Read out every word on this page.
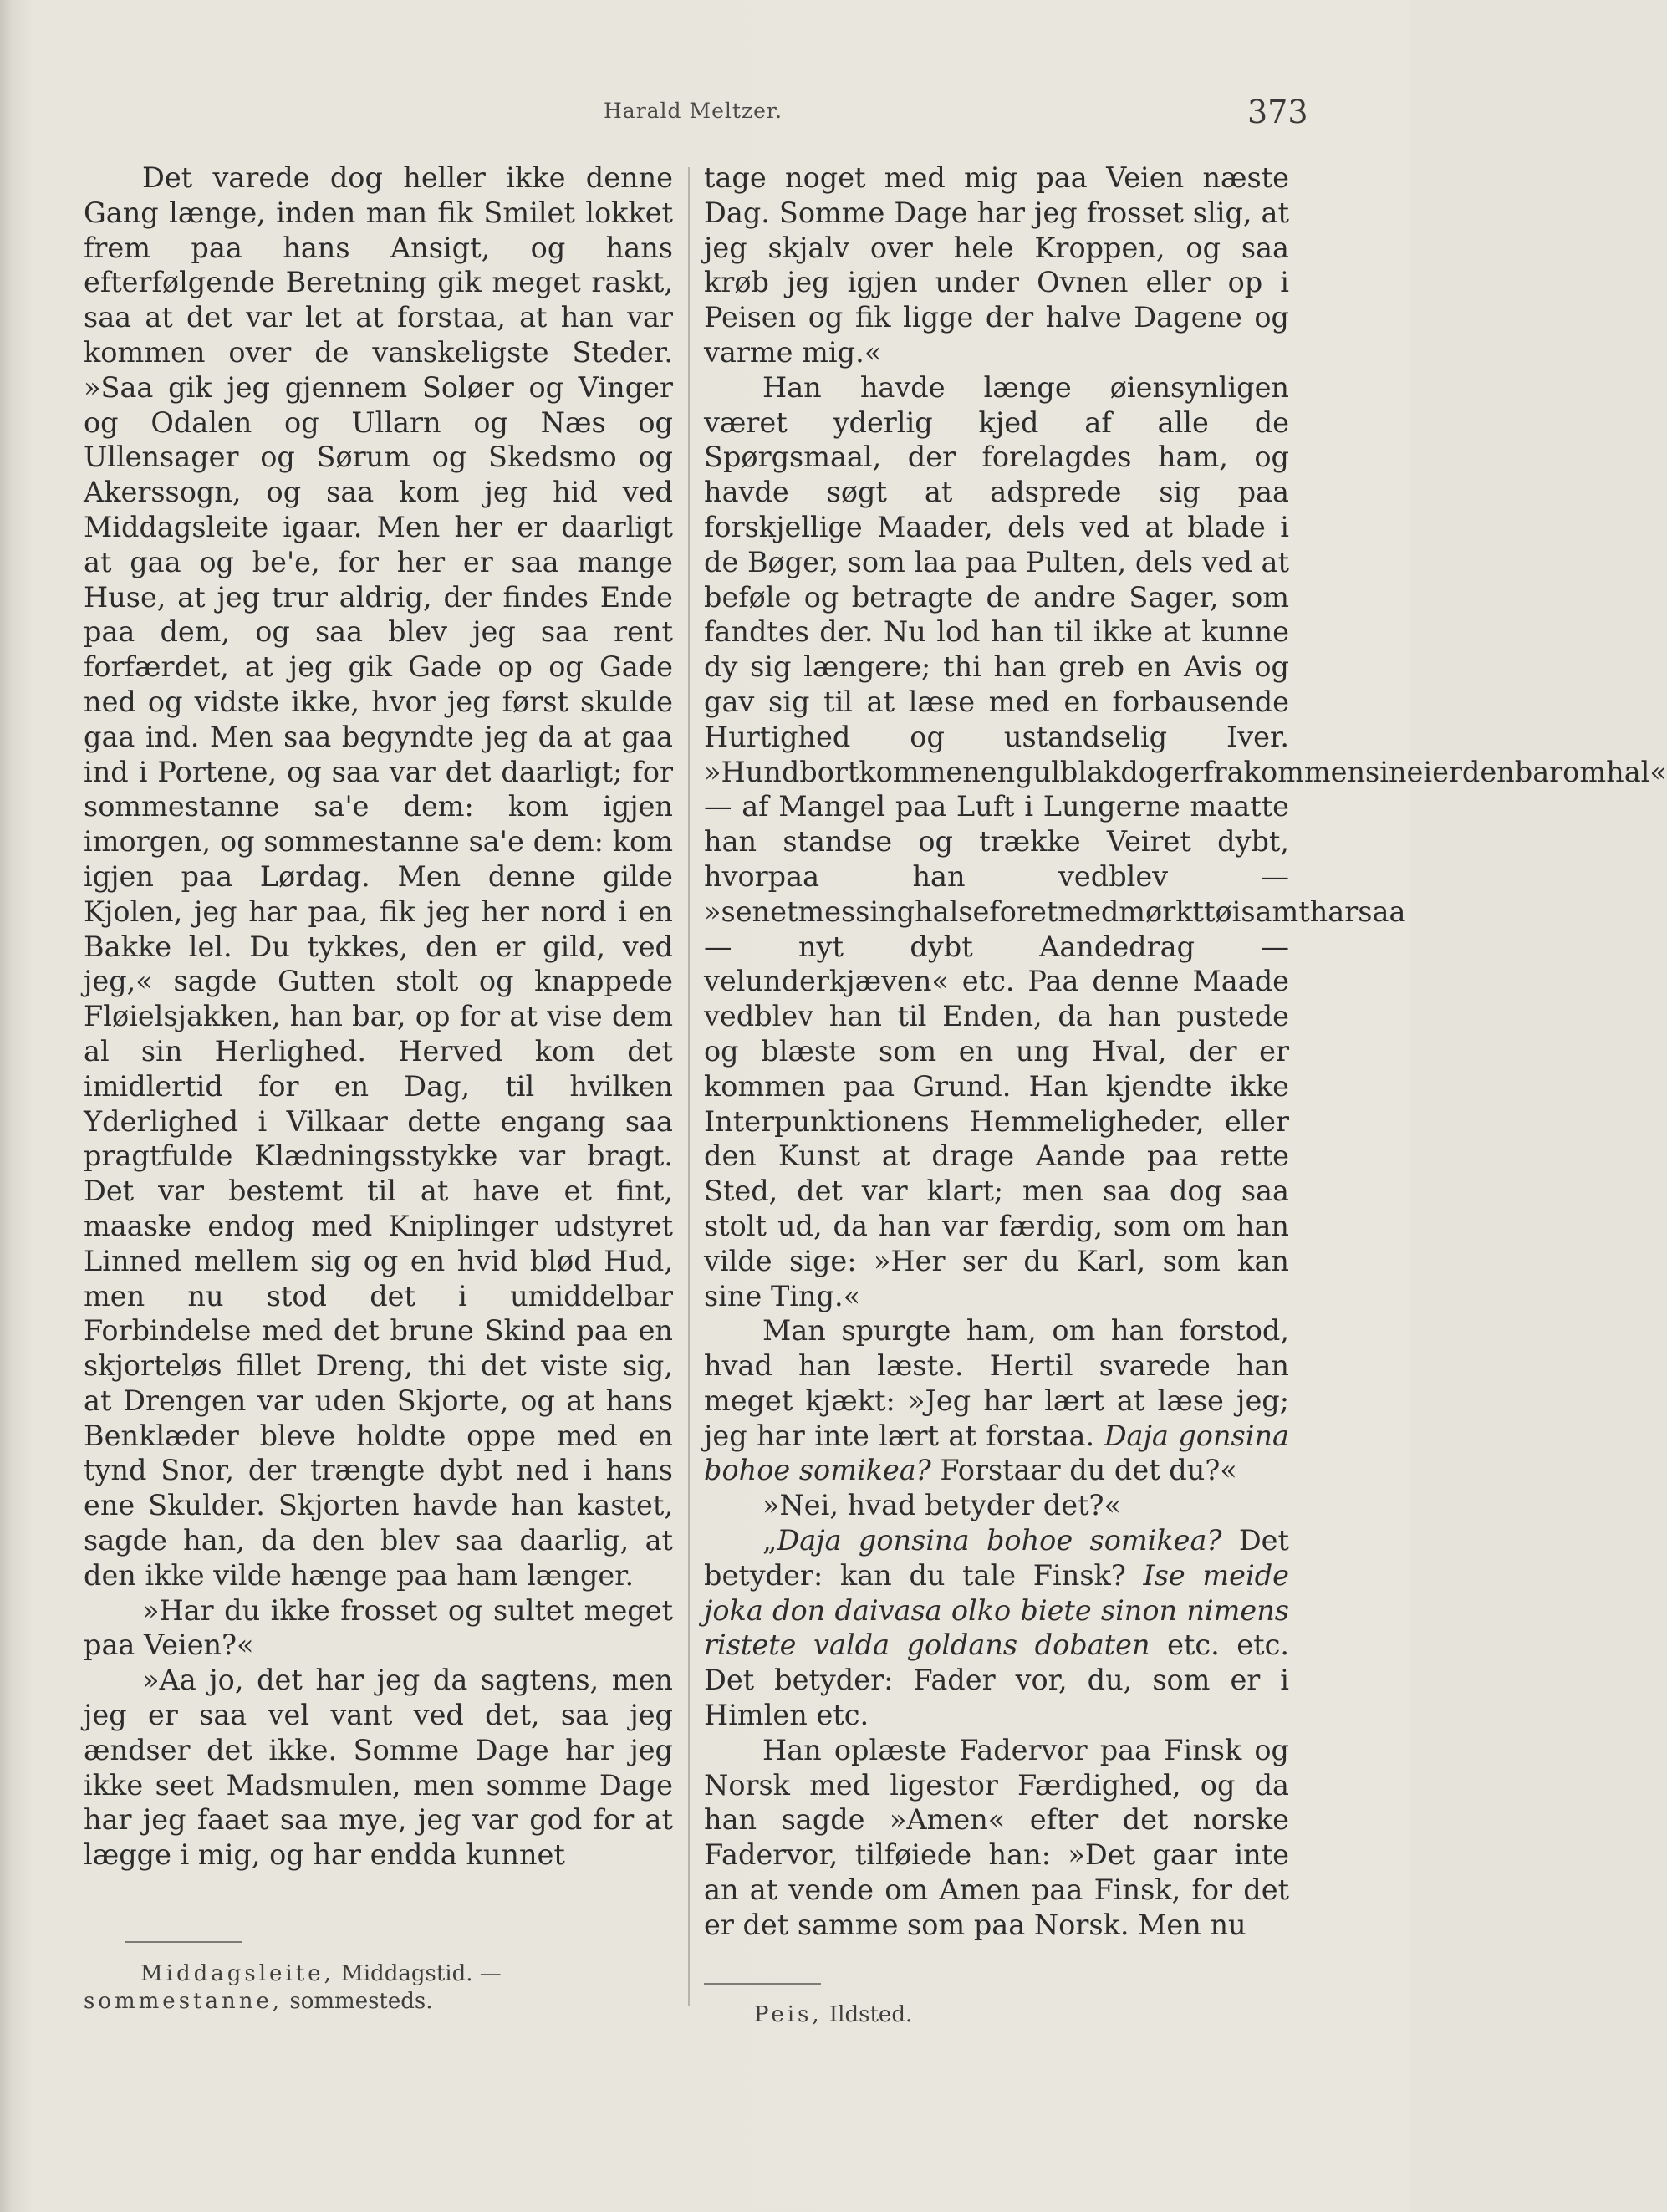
Harald Meltzer.	373

Det varede dog heller ikke denne Gang længe, inden man fik Smilet lokket frem paa hans Ansigt, og hans efterfølgende Beretning gik meget raskt, saa at det var let at forstaa, at han var kommen over de vanskeligste Steder. »Saa gik jeg gjennem Soløer og Vinger og Odalen og Ullarn og Næs og Ullensager og Sørum og Skedsmo og Akerssogn, og saa kom jeg hid ved Middagsleite igaar. Men her er daarligt at gaa og be'e, for her er saa mange Huse, at jeg trur aldrig, der findes Ende paa dem, og saa blev jeg saa rent forfærdet, at jeg gik Gade op og Gade ned og vidste ikke, hvor jeg først skulde gaa ind. Men saa begyndte jeg da at gaa ind i Portene, og saa var det daarligt; for sommestanne sa'e dem: kom igjen imorgen, og sommestanne sa'e dem: kom igjen paa Lørdag. Men denne gilde Kjolen, jeg har paa, fik jeg her nord i en Bakke lel. Du tykkes, den er gild, ved jeg,« sagde Gutten stolt og knappede Fløielsjakken, han bar, op for at vise dem al sin Herlighed. Herved kom det imidlertid for en Dag, til hvilken Yderlighed i Vilkaar dette engang saa pragtfulde Klædningsstykke var bragt. Det var bestemt til at have et fint, maaske endog med Kniplinger udstyret Linned mellem sig og en hvid blød Hud, men nu stod det i umiddelbar Forbindelse med det brune Skind paa en skjorteløs fillet Dreng, thi det viste sig, at Drengen var uden Skjorte, og at hans Benklæder bleve holdte oppe med en tynd Snor, der trængte dybt ned i hans ene Skulder. Skjorten havde han kastet, sagde han, da den blev saa daarlig, at den ikke vilde hænge paa ham længer.

»Har du ikke frosset og sultet meget paa Veien?«

»Aa jo, det har jeg da sagtens, men jeg er saa vel vant ved det, saa jeg ændser det ikke. Somme Dage har jeg ikke seet Madsmulen, men somme Dage har jeg faaet saa mye, jeg var god for at lægge i mig, og har endda kunnet

tage noget med mig paa Veien næste Dag. Somme Dage har jeg frosset slig, at jeg skjalv over hele Kroppen, og saa krøb jeg igjen under Ovnen eller op i Peisen og fik ligge der halve Dagene og varme mig.«

Han havde længe øiensynligen været yderlig kjed af alle de Spørgsmaal, der forelagdes ham, og havde søgt at adsprede sig paa forskjellige Maader, dels ved at blade i de Bøger, som laa paa Pulten, dels ved at beføle og betragte de andre Sager, som fandtes der. Nu lod han til ikke at kunne dy sig længere; thi han greb en Avis og gav sig til at læse med en forbausende Hurtighed og ustandselig Iver. »Hundbortkommenengulblakdogerfrakommensineierdenbaromhal« — af Mangel paa Luft i Lungerne maatte han standse og trække Veiret dybt, hvorpaa han vedblev — »senetmessinghalseforetmedmørkttøisamtharsaa — nyt dybt Aandedrag — velunderkjæven« etc. Paa denne Maade vedblev han til Enden, da han pustede og blæste som en ung Hval, der er kommen paa Grund. Han kjendte ikke Interpunktionens Hemmeligheder, eller den Kunst at drage Aande paa rette Sted, det var klart; men saa dog saa stolt ud, da han var færdig, som om han vilde sige: »Her ser du Karl, som kan sine Ting.«

Man spurgte ham, om han forstod, hvad han læste. Hertil svarede han meget kjækt: »Jeg har lært at læse jeg; jeg har inte lært at forstaa. Daja gonsina bohoe somikea? Forstaar du det du?«

»Nei, hvad betyder det?«

„Daja gonsina bohoe somikea? Det betyder: kan du tale Finsk? Ise meide joka don daivasa olko biete sinon nimens ristete valda goldans dobaten etc. etc. Det betyder: Fader vor, du, som er i Himlen etc.

Han oplæste Fadervor paa Finsk og Norsk med ligestor Færdighed, og da han sagde »Amen« efter det norske Fadervor, tilføiede han: »Det gaar inte an at vende om Amen paa Finsk, for det er det samme som paa Norsk. Men nu

Middagsleite, Middagstid. — sommestanne, sommesteds.
Peis, Ildsted.
